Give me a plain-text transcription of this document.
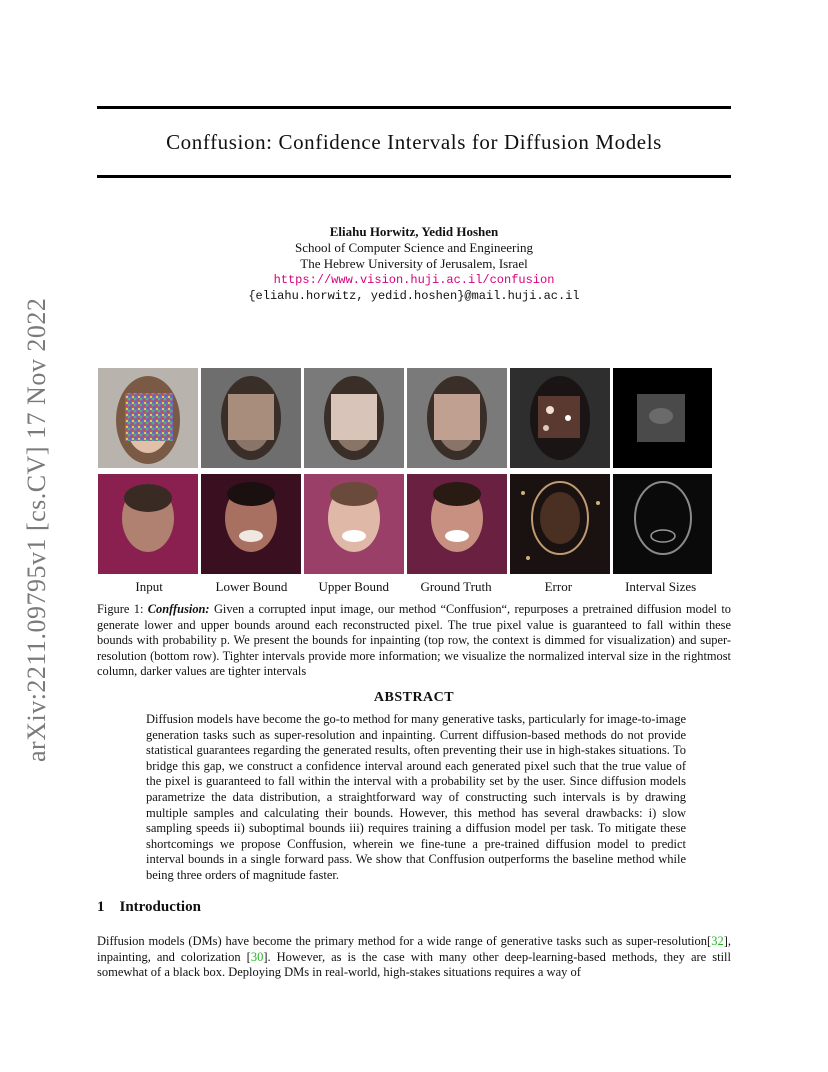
arXiv:2211.09795v1 [cs.CV] 17 Nov 2022
Conffusion: Confidence Intervals for Diffusion Models
Eliahu Horwitz, Yedid Hoshen
School of Computer Science and Engineering
The Hebrew University of Jerusalem, Israel
https://www.vision.huji.ac.il/confusion
{eliahu.horwitz, yedid.hoshen}@mail.huji.ac.il
Input	Lower Bound	Upper Bound	Ground Truth	Error	Interval Sizes
Figure 1: Conffusion: Given a corrupted input image, our method “Conffusion“, repurposes a pretrained diffusion model to generate lower and upper bounds around each reconstructed pixel. The true pixel value is guaranteed to fall within these bounds with probability p. We present the bounds for inpainting (top row, the context is dimmed for visualization) and super-resolution (bottom row). Tighter intervals provide more information; we visualize the normalized interval size in the rightmost column, darker values are tighter intervals
ABSTRACT
Diffusion models have become the go-to method for many generative tasks, particularly for image-to-image generation tasks such as super-resolution and inpainting. Current diffusion-based methods do not provide statistical guarantees regarding the generated results, often preventing their use in high-stakes situations. To bridge this gap, we construct a confidence interval around each generated pixel such that the true value of the pixel is guaranteed to fall within the interval with a probability set by the user. Since diffusion models parametrize the data distribution, a straightforward way of constructing such intervals is by drawing multiple samples and calculating their bounds. However, this method has several drawbacks: i) slow sampling speeds ii) suboptimal bounds iii) requires training a diffusion model per task. To mitigate these shortcomings we propose Conffusion, wherein we fine-tune a pre-trained diffusion model to predict interval bounds in a single forward pass. We show that Conffusion outperforms the baseline method while being three orders of magnitude faster.
1 Introduction
Diffusion models (DMs) have become the primary method for a wide range of generative tasks such as super-resolution[32], inpainting, and colorization [30]. However, as is the case with many other deep-learning-based methods, they are still somewhat of a black box. Deploying DMs in real-world, high-stakes situations requires a way of
